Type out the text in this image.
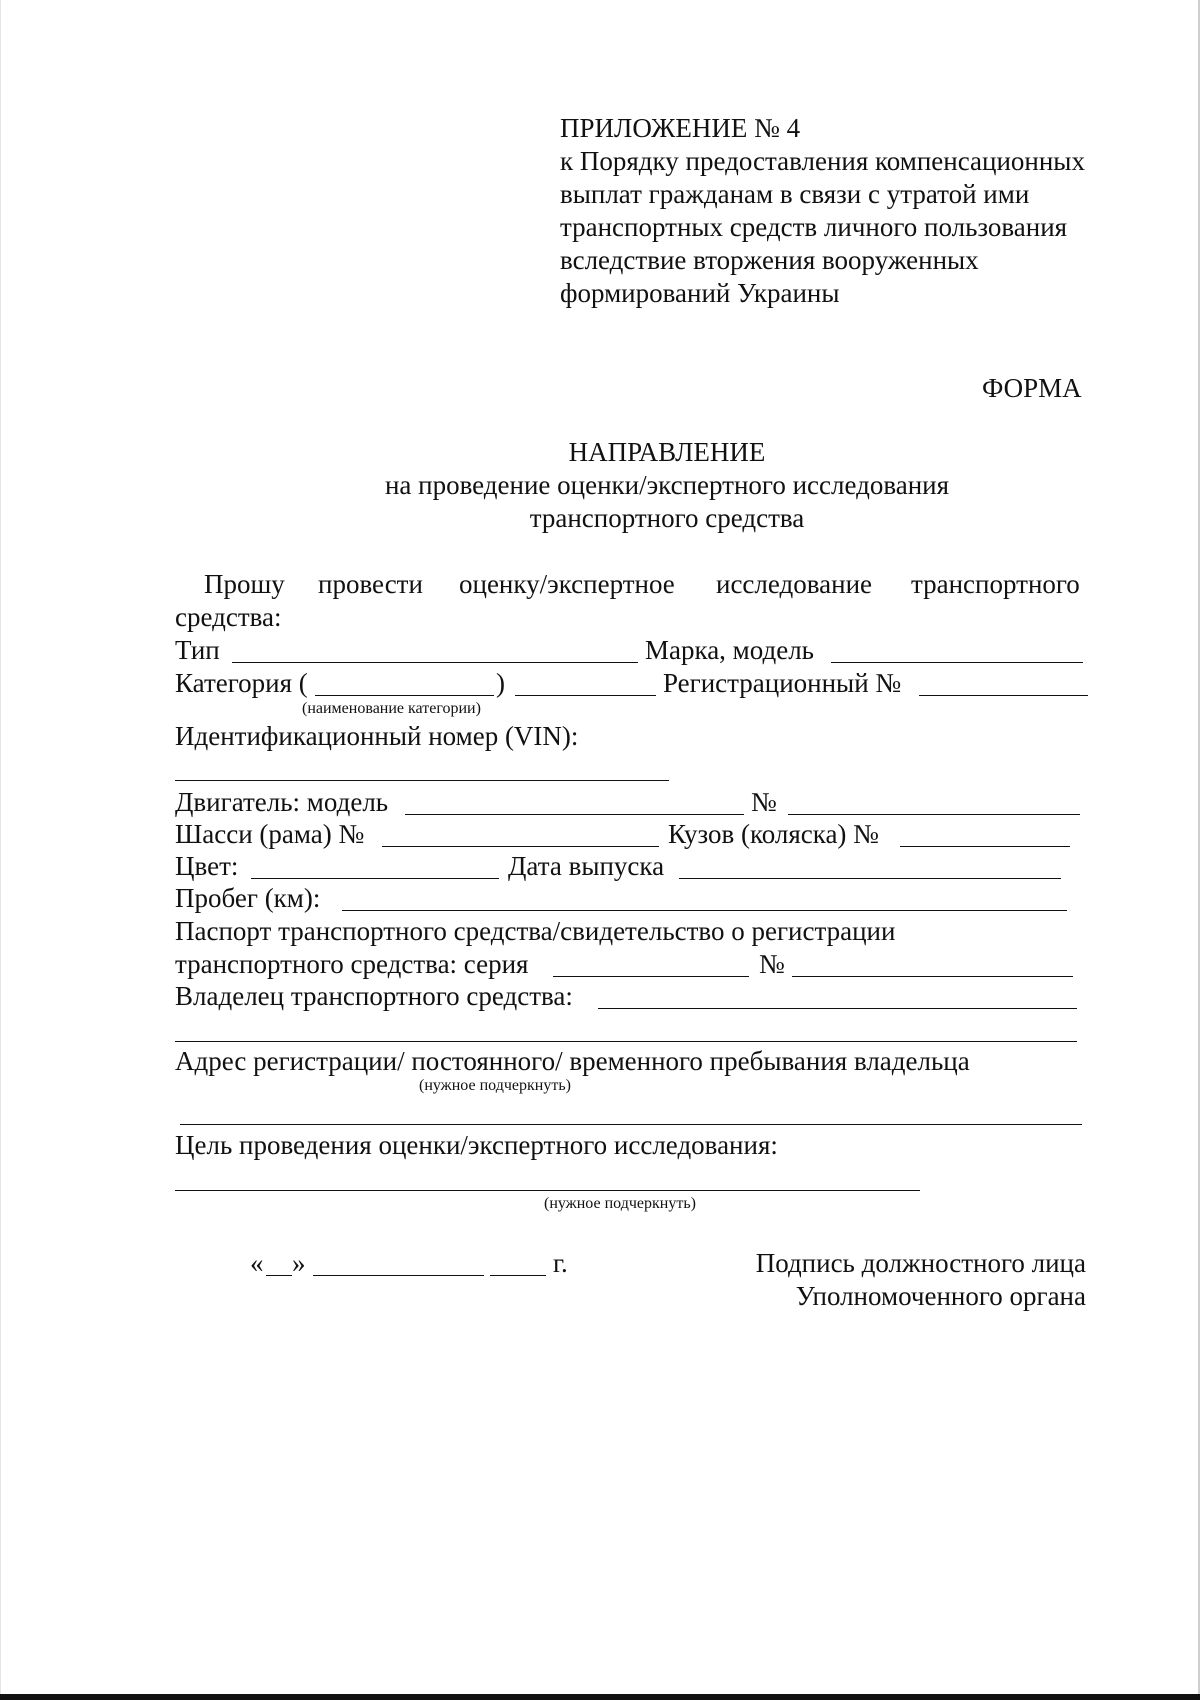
ПРИЛОЖЕНИЕ № 4
к Порядку предоставления компенсационных
выплат гражданам в связи с утратой ими
транспортных средств личного пользования
вследствие вторжения вооруженных
формирований Украины
ФОРМА
НАПРАВЛЕНИЕ
на проведение оценки/экспертного исследования
транспортного средства
Прошу провести оценку/экспертное исследование транспортного
средства:
Тип	Марка, модель
Категория (	)	Регистрационный №
(наименование категории)
Идентификационный номер (VIN):
Двигатель: модель	№
Шасси (рама) №	Кузов (коляска) №
Цвет:	Дата выпуска
Пробег (км):
Паспорт транспортного средства/свидетельство о регистрации
транспортного средства: серия	№
Владелец транспортного средства:
Адрес регистрации/ постоянного/ временного пребывания владельца
(нужное подчеркнуть)
Цель проведения оценки/экспертного исследования:
(нужное подчеркнуть)
« »	г.	Подпись должностного лица
Уполномоченного органа
